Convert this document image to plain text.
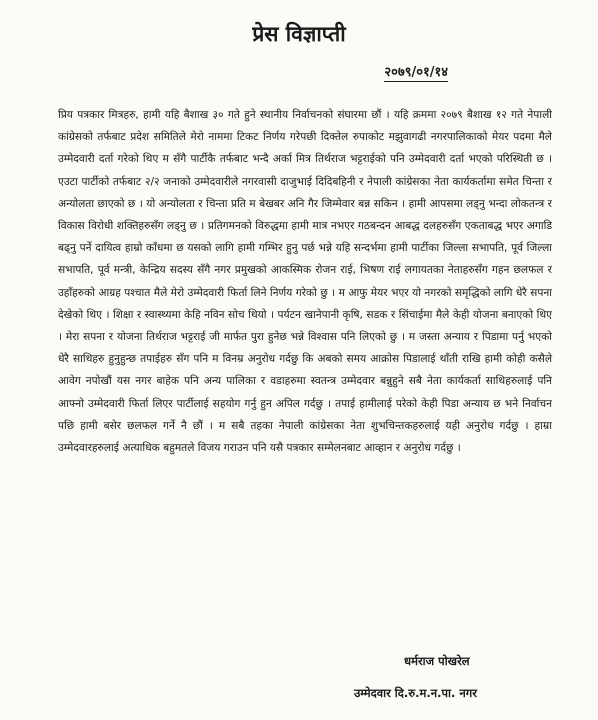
प्रेस विज्ञाप्ती
२०७९/०१/१४
प्रिय पत्रकार मित्रहरु, हामी यहि बैशाख ३० गते हुने स्थानीय निर्वाचनको संघारमा छौं । यहि क्रममा २०७९ बैशाख १२ गते नेपाली कांग्रेसको तर्फबाट प्रदेश समितिले मेरो नाममा टिकट निर्णय गरेपछी दिक्तेल रुपाकोट मझुवागढी नगरपालिकाको मेयर पदमा मैले उम्मेदवारी दर्ता गरेको थिए म सँगै पार्टीकै तर्फबाट भन्दै अर्का मित्र तिर्थराज भट्टराईको पनि उम्मेदवारी दर्ता भएको परिस्थिती छ । एउटा पार्टीको तर्फबाट २/२ जनाको उम्मेदवारीले नगरवासी दाजुभाई दिदिबहिनी र नेपाली कांग्रेसका नेता कार्यकर्तामा समेत चिन्ता र अन्योलता छाएको छ । यो अन्योलता र चिन्ता प्रति म बेखबर अनि गैर जिम्मेवार बन्न सकिन । हामी आपसमा लड्नु भन्दा लोकतन्त्र र विकास विरोधी शक्तिहरुसँग लड्नु छ । प्रतिगमनको विरुद्धमा हामी मात्र नभएर गठबन्दन आबद्ध दलहरुसँग एकताबद्ध भएर अगाडि बढ्नु पर्ने दायित्व हाम्रो काँधमा छ यसको लागि हामी गम्भिर हुनु पर्छ भन्ने यहि सन्दर्भमा हामी पार्टीका जिल्ला सभापति, पूर्व जिल्ला सभापति, पूर्व मन्त्री, केन्द्रिय सदस्य सँगै नगर प्रमुखको आकस्मिक रोजन राई, भिषण राई लगायतका नेताहरुसँग गहन छलफल र उहाँहरुको आग्रह पश्चात मैले मेरो उम्मेदवारी फिर्ता लिने निर्णय गरेको छु । म आफु मेयर भएर यो नगरको समृद्धिको लागि धेरै सपना देखेको थिए । शिक्षा र स्वास्थ्यमा केहि नविन सोच थियो । पर्यटन खानेपानी कृषि, सडक र सिंचाईमा मैले केही योजना बनाएको थिए । मेरा सपना र योजना तिर्थराज भट्टराई जी मार्फत पुरा हुनेछ भन्ने विश्वास पनि लिएको छु । म जस्ता अन्याय र पिडामा पर्नु भएको धेरै साथिहरु हुनुहुन्छ तपाईहरु सँग पनि म विनम्र अनुरोध गर्दछु कि अबको समय आक्रोस पिडालाई थाँती राखि हामी कोही कसैले आवेग नपोखौं यस नगर बाहेक पनि अन्य पालिका र वडाहरुमा स्वतन्त्र उम्मेदवार बन्नुहुने सबै नेता कार्यकर्ता साथिहरुलाई पनि आफ्नो उम्मेदवारी फिर्ता लिएर पार्टीलाई सहयोग गर्नु हुन अपिल गर्दछु । तपाई हामीलाई परेको केही पिडा अन्याय छ भने निर्वाचन पछि हामी बसेर छलफल गर्ने नै छौं । म सबै तहका नेपाली कांग्रेसका नेता शुभचिन्तकहरुलाई यही अनुरोध गर्दछु । हाम्रा उम्मेदवारहरुलाई अत्याधिक बहुमतले विजय गराउन पनि यसै पत्रकार सम्मेलनबाट आव्हान र अनुरोध गर्दछु ।
धर्मराज पोखरेल
उम्मेदवार दि.रु.म.न.पा. नगर
